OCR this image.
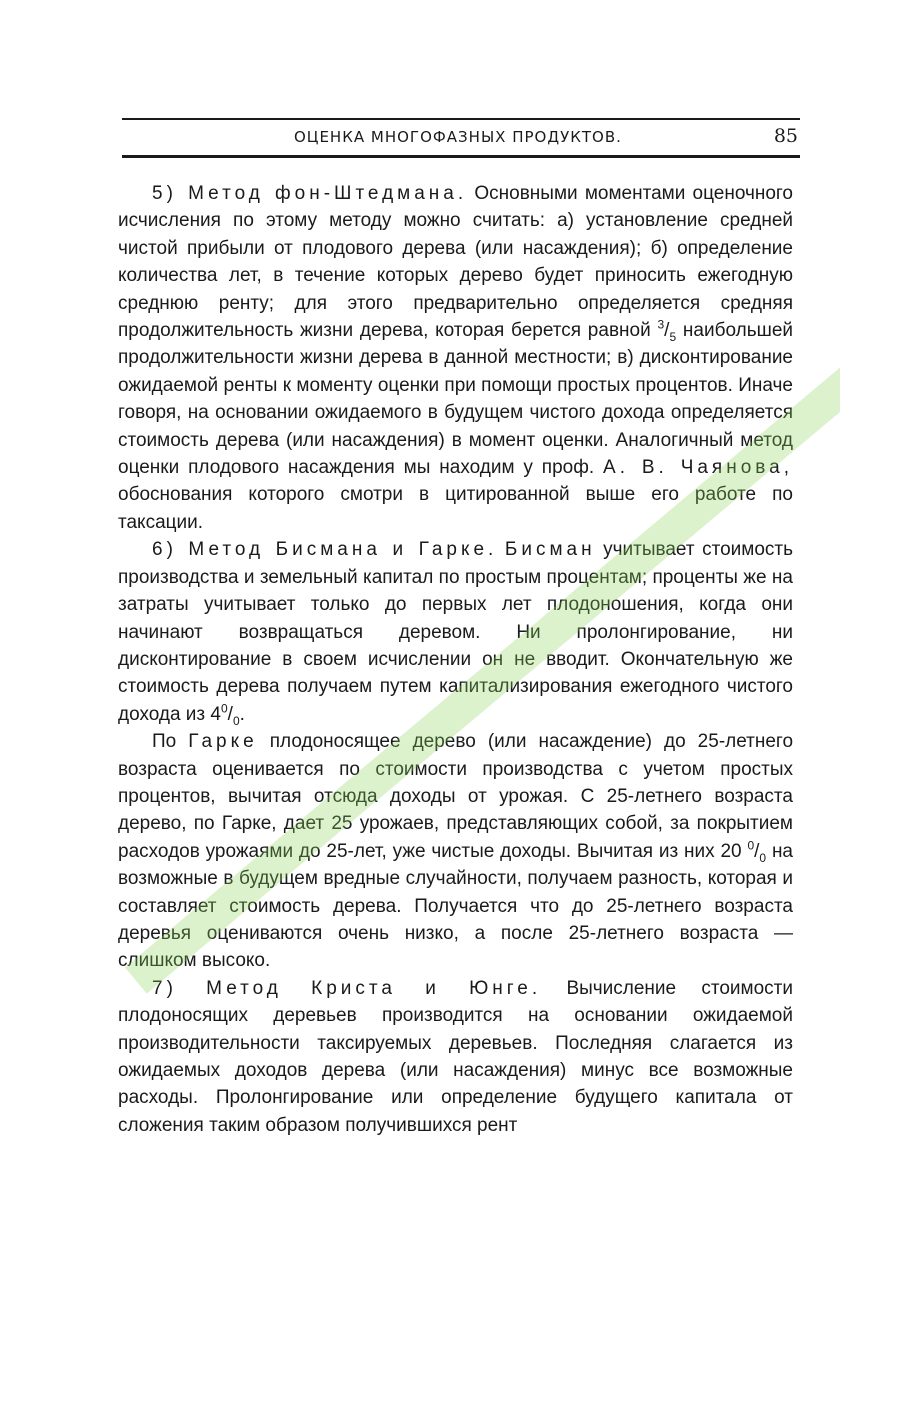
ОЦЕНКА МНОГОФАЗНЫХ ПРОДУКТОВ.	85

5) Метод фон-Штедмана. Основными моментами оценочного исчисления по этому методу можно считать: а) установление средней чистой прибыли от плодового дерева (или насаждения); б) определение количества лет, в течение которых дерево будет приносить ежегодную среднюю ренту; для этого предварительно определяется средняя продолжительность жизни дерева, которая берется равной $^3/_5$ наибольшей продолжительности жизни дерева в данной местности; в) дисконтирование ожидаемой ренты к моменту оценки при помощи простых процентов. Иначе говоря, на основании ожидаемого в будущем чистого дохода определяется стоимость дерева (или насаждения) в момент оценки. Аналогичный метод оценки плодового насаждения мы находим у проф. А. В. Чаянова, обоснования которого смотри в цитированной выше его работе по таксации.

6) Метод Бисмана и Гарке. Бисман учитывает стоимость производства и земельный капитал по простым процентам; проценты же на затраты учитывает только до первых лет плодоношения, когда они начинают возвращаться деревом. Ни пролонгирование, ни дисконтирование в своем исчислении он не вводит. Окончательную же стоимость дерева получаем путем капитализирования ежегодного чистого дохода из $4^0/_0$.

По Гарке плодоносящее дерево (или насаждение) до 25-летнего возраста оценивается по стоимости производства с учетом простых процентов, вычитая отсюда доходы от урожая. С 25-летнего возраста дерево, по Гарке, дает 25 урожаев, представляющих собой, за покрытием расходов урожаями до 25-лет, уже чистые доходы. Вычитая из них 20 $^0/_0$ на возможные в будущем вредные случайности, получаем разность, которая и составляет стоимость дерева. Получается что до 25-летнего возраста деревья оцениваются очень низко, а после 25-летнего возраста — слишком высоко.

7) Метод Криста и Юнге. Вычисление стоимости плодоносящих деревьев производится на основании ожидаемой производительности таксируемых деревьев. Последняя слагается из ожидаемых доходов дерева (или насаждения) минус все возможные расходы. Пролонгирование или определение будущего капитала от сложения таким образом получившихся рент
